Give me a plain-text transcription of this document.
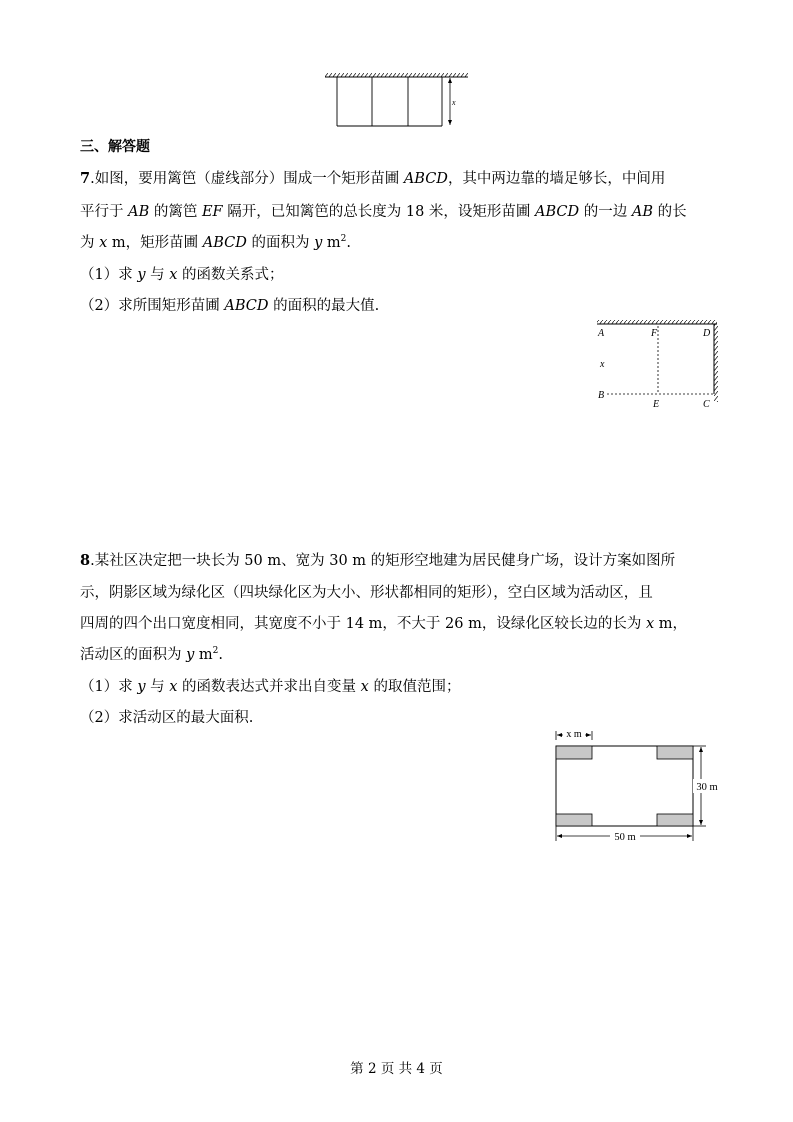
x
三、解答题
7.如图，要用篱笆（虚线部分）围成一个矩形苗圃 ABCD，其中两边靠的墙足够长，中间用
平行于 AB 的篱笆 EF 隔开，已知篱笆的总长度为 18 米，设矩形苗圃 ABCD 的一边 AB 的长
为 x m，矩形苗圃 ABCD 的面积为 y $m^2$.
（1）求 y 与 x 的函数关系式；
（2）求所围矩形苗圃 ABCD 的面积的最大值.
A	F	D
x
B
E	C
8.某社区决定把一块长为 50 m、宽为 30 m 的矩形空地建为居民健身广场，设计方案如图所
示，阴影区域为绿化区（四块绿化区为大小、形状都相同的矩形），空白区域为活动区，且
四周的四个出口宽度相同，其宽度不小于 14 m，不大于 26 m，设绿化区较长边的长为 x m，
活动区的面积为 y $m^2$.
（1）求 y 与 x 的函数表达式并求出自变量 x 的取值范围；
（2）求活动区的最大面积.
x m
30 m
50 m
第 2 页 共 4 页
